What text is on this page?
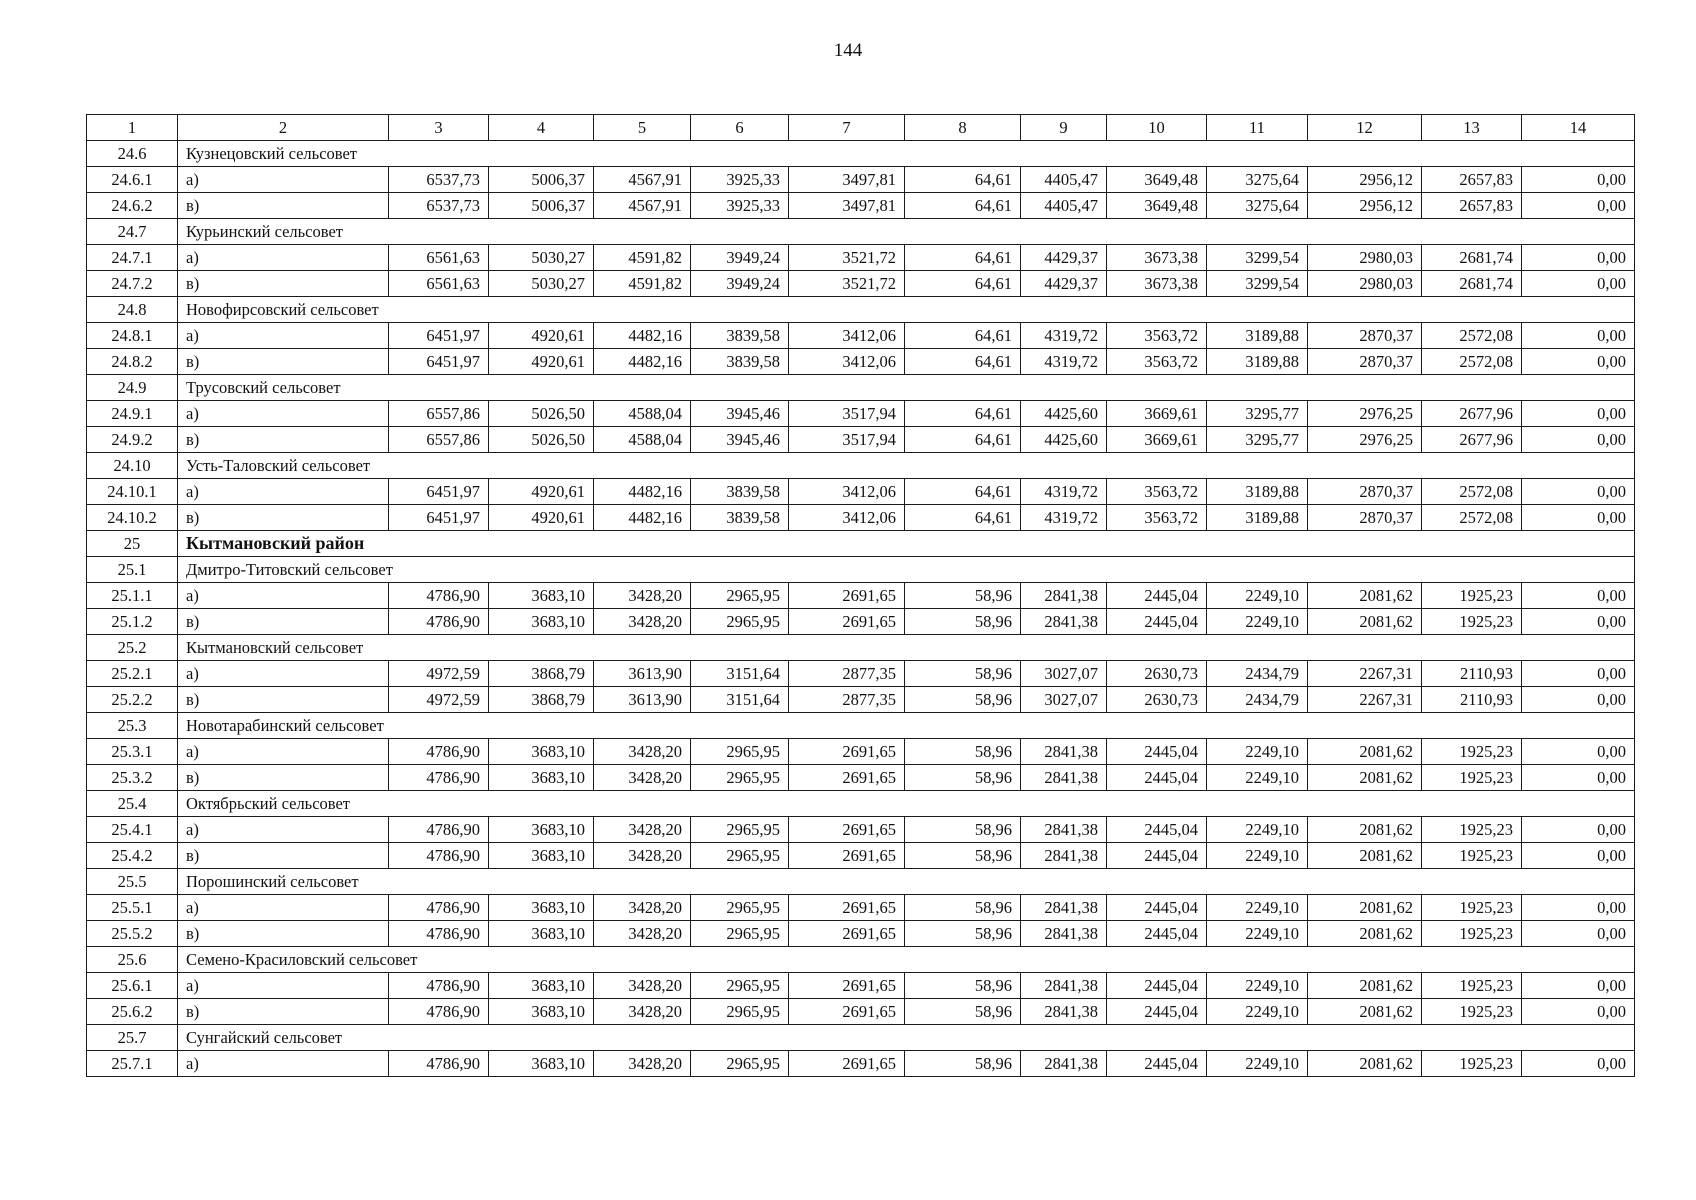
144
1	2	3	4	5	6	7	8	9	10	11	12	13	14
24.6	Кузнецовский сельсовет												
24.6.1	а)	6537,73	5006,37	4567,91	3925,33	3497,81	64,61	4405,47	3649,48	3275,64	2956,12	2657,83	0,00
24.6.2	в)	6537,73	5006,37	4567,91	3925,33	3497,81	64,61	4405,47	3649,48	3275,64	2956,12	2657,83	0,00
24.7	Курьинский сельсовет												
24.7.1	а)	6561,63	5030,27	4591,82	3949,24	3521,72	64,61	4429,37	3673,38	3299,54	2980,03	2681,74	0,00
24.7.2	в)	6561,63	5030,27	4591,82	3949,24	3521,72	64,61	4429,37	3673,38	3299,54	2980,03	2681,74	0,00
24.8	Новофирсовский сельсовет												
24.8.1	а)	6451,97	4920,61	4482,16	3839,58	3412,06	64,61	4319,72	3563,72	3189,88	2870,37	2572,08	0,00
24.8.2	в)	6451,97	4920,61	4482,16	3839,58	3412,06	64,61	4319,72	3563,72	3189,88	2870,37	2572,08	0,00
24.9	Трусовский сельсовет												
24.9.1	а)	6557,86	5026,50	4588,04	3945,46	3517,94	64,61	4425,60	3669,61	3295,77	2976,25	2677,96	0,00
24.9.2	в)	6557,86	5026,50	4588,04	3945,46	3517,94	64,61	4425,60	3669,61	3295,77	2976,25	2677,96	0,00
24.10	Усть-Таловский сельсовет												
24.10.1	а)	6451,97	4920,61	4482,16	3839,58	3412,06	64,61	4319,72	3563,72	3189,88	2870,37	2572,08	0,00
24.10.2	в)	6451,97	4920,61	4482,16	3839,58	3412,06	64,61	4319,72	3563,72	3189,88	2870,37	2572,08	0,00
25	Кытмановский район												
25.1	Дмитро-Титовский сельсовет												
25.1.1	а)	4786,90	3683,10	3428,20	2965,95	2691,65	58,96	2841,38	2445,04	2249,10	2081,62	1925,23	0,00
25.1.2	в)	4786,90	3683,10	3428,20	2965,95	2691,65	58,96	2841,38	2445,04	2249,10	2081,62	1925,23	0,00
25.2	Кытмановский сельсовет												
25.2.1	а)	4972,59	3868,79	3613,90	3151,64	2877,35	58,96	3027,07	2630,73	2434,79	2267,31	2110,93	0,00
25.2.2	в)	4972,59	3868,79	3613,90	3151,64	2877,35	58,96	3027,07	2630,73	2434,79	2267,31	2110,93	0,00
25.3	Новотарабинский сельсовет												
25.3.1	а)	4786,90	3683,10	3428,20	2965,95	2691,65	58,96	2841,38	2445,04	2249,10	2081,62	1925,23	0,00
25.3.2	в)	4786,90	3683,10	3428,20	2965,95	2691,65	58,96	2841,38	2445,04	2249,10	2081,62	1925,23	0,00
25.4	Октябрьский сельсовет												
25.4.1	а)	4786,90	3683,10	3428,20	2965,95	2691,65	58,96	2841,38	2445,04	2249,10	2081,62	1925,23	0,00
25.4.2	в)	4786,90	3683,10	3428,20	2965,95	2691,65	58,96	2841,38	2445,04	2249,10	2081,62	1925,23	0,00
25.5	Порошинский сельсовет												
25.5.1	а)	4786,90	3683,10	3428,20	2965,95	2691,65	58,96	2841,38	2445,04	2249,10	2081,62	1925,23	0,00
25.5.2	в)	4786,90	3683,10	3428,20	2965,95	2691,65	58,96	2841,38	2445,04	2249,10	2081,62	1925,23	0,00
25.6	Семено-Красиловский сельсовет												
25.6.1	а)	4786,90	3683,10	3428,20	2965,95	2691,65	58,96	2841,38	2445,04	2249,10	2081,62	1925,23	0,00
25.6.2	в)	4786,90	3683,10	3428,20	2965,95	2691,65	58,96	2841,38	2445,04	2249,10	2081,62	1925,23	0,00
25.7	Сунгайский сельсовет												
25.7.1	а)	4786,90	3683,10	3428,20	2965,95	2691,65	58,96	2841,38	2445,04	2249,10	2081,62	1925,23	0,00
